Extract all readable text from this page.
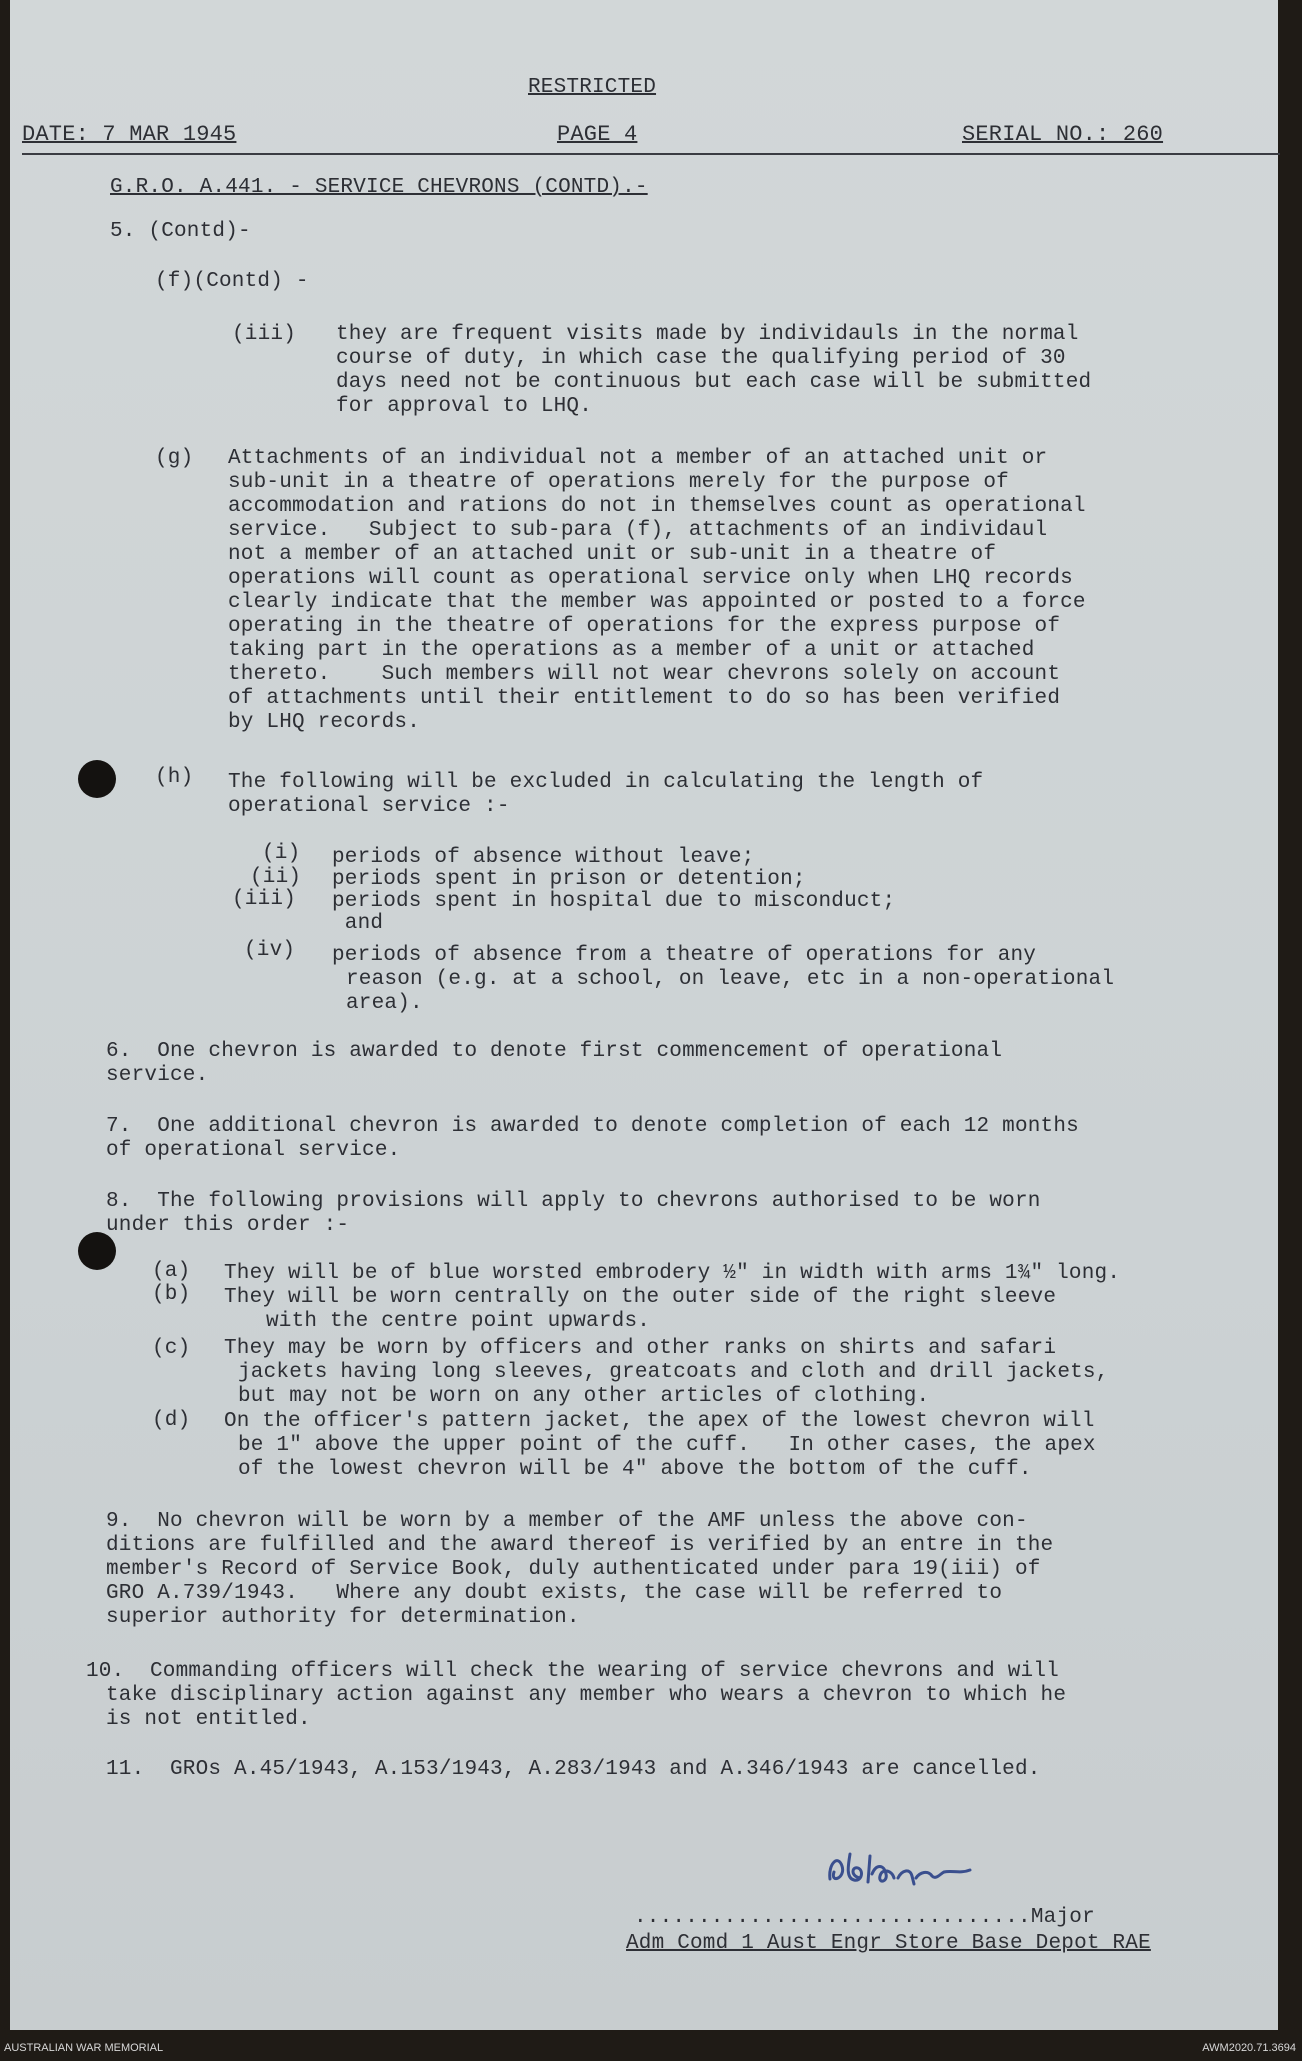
RESTRICTED
DATE: 7 MAR 1945	PAGE 4	SERIAL NO.: 260
G.R.O. A.441. - SERVICE CHEVRONS (CONTD).-
5. (Contd)-
(f)(Contd) -
(iii) they are frequent visits made by individauls in the normal
course of duty, in which case the qualifying period of 30
days need not be continuous but each case will be submitted
for approval to LHQ.
(g) Attachments of an individual not a member of an attached unit or
sub-unit in a theatre of operations merely for the purpose of
accommodation and rations do not in themselves count as operational
service.   Subject to sub-para (f), attachments of an individaul
not a member of an attached unit or sub-unit in a theatre of
operations will count as operational service only when LHQ records
clearly indicate that the member was appointed or posted to a force
operating in the theatre of operations for the express purpose of
taking part in the operations as a member of a unit or attached
thereto.    Such members will not wear chevrons solely on account
of attachments until their entitlement to do so has been verified
by LHQ records.
(h) The following will be excluded in calculating the length of
operational service :-
(i) periods of absence without leave;
(ii) periods spent in prison or detention;
(iii) periods spent in hospital due to misconduct;
and
(iv) periods of absence from a theatre of operations for any
reason (e.g. at a school, on leave, etc in a non-operational
area).
6.  One chevron is awarded to denote first commencement of operational
service.
7.  One additional chevron is awarded to denote completion of each 12 months
of operational service.
8.  The following provisions will apply to chevrons authorised to be worn
under this order :-
(a) They will be of blue worsted embrodery ½" in width with arms 1¾" long.
(b) They will be worn centrally on the outer side of the right sleeve
with the centre point upwards.
(c) They may be worn by officers and other ranks on shirts and safari
jackets having long sleeves, greatcoats and cloth and drill jackets,
but may not be worn on any other articles of clothing.
(d) On the officer's pattern jacket, the apex of the lowest chevron will
be 1" above the upper point of the cuff.   In other cases, the apex
of the lowest chevron will be 4" above the bottom of the cuff.
9.  No chevron will be worn by a member of the AMF unless the above con-
ditions are fulfilled and the award thereof is verified by an entre in the
member's Record of Service Book, duly authenticated under para 19(iii) of
GRO A.739/1943.   Where any doubt exists, the case will be referred to
superior authority for determination.
10.  Commanding officers will check the wearing of service chevrons and will
take disciplinary action against any member who wears a chevron to which he
is not entitled.
11.  GROs A.45/1943, A.153/1943, A.283/1943 and A.346/1943 are cancelled.
...............................Major
Adm Comd 1 Aust Engr Store Base Depot RAE
AUSTRALIAN WAR MEMORIAL	AWM2020.71.3694
